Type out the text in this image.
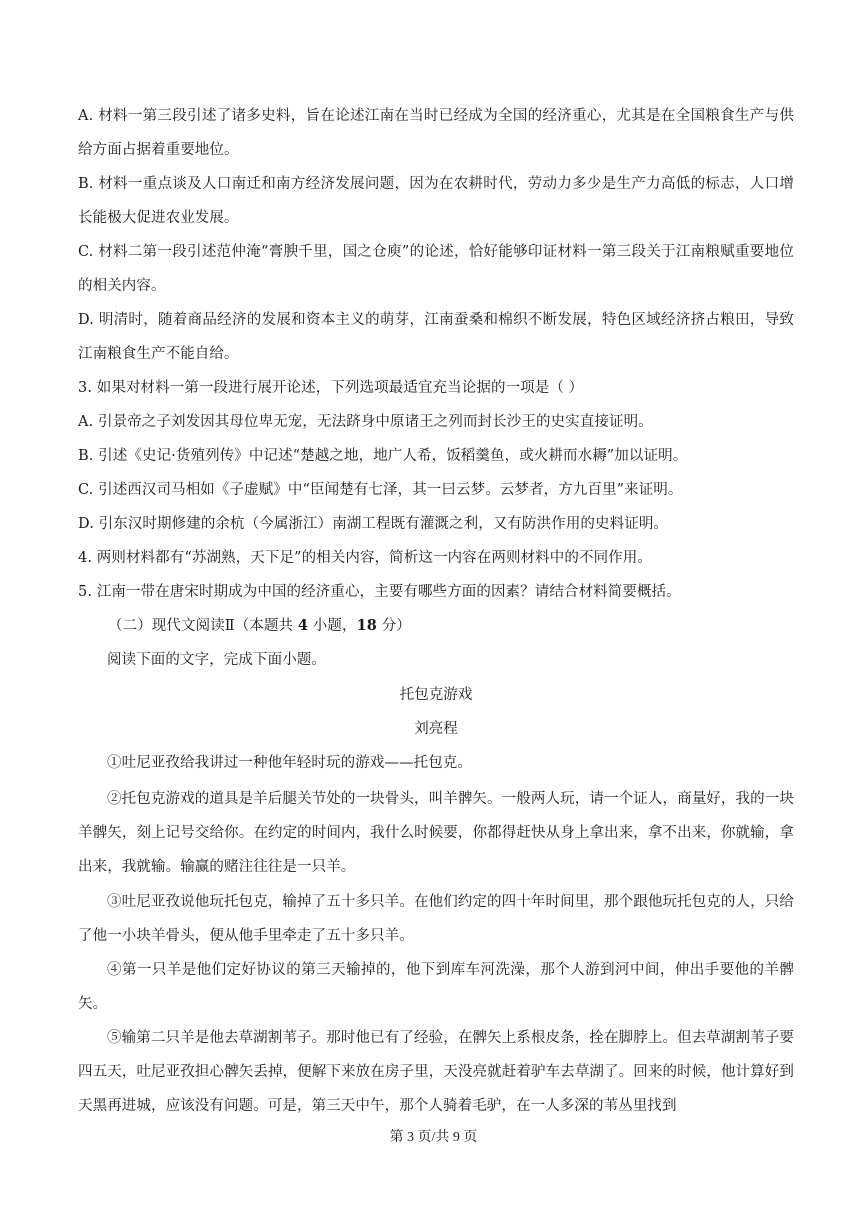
A. 材料一第三段引述了诸多史料，旨在论述江南在当时已经成为全国的经济重心，尤其是在全国粮食生产与供给方面占据着重要地位。
B. 材料一重点谈及人口南迁和南方经济发展问题，因为在农耕时代，劳动力多少是生产力高低的标志，人口增长能极大促进农业发展。
C. 材料二第一段引述范仲淹“膏腴千里，国之仓庾”的论述，恰好能够印证材料一第三段关于江南粮赋重要地位的相关内容。
D. 明清时，随着商品经济的发展和资本主义的萌芽，江南蚕桑和棉织不断发展，特色区域经济挤占粮田，导致江南粮食生产不能自给。
3. 如果对材料一第一段进行展开论述，下列选项最适宜充当论据的一项是（ ）
A. 引景帝之子刘发因其母位卑无宠，无法跻身中原诸王之列而封长沙王的史实直接证明。
B. 引述《史记·货殖列传》中记述“楚越之地，地广人希，饭稻羹鱼，或火耕而水耨”加以证明。
C. 引述西汉司马相如《子虚赋》中“臣闻楚有七泽，其一曰云梦。云梦者，方九百里”来证明。
D. 引东汉时期修建的余杭（今属浙江）南湖工程既有灌溉之利，又有防洪作用的史料证明。
4. 两则材料都有“苏湖熟，天下足”的相关内容，简析这一内容在两则材料中的不同作用。
5. 江南一带在唐宋时期成为中国的经济重心，主要有哪些方面的因素？请结合材料简要概括。
（二）现代文阅读Ⅱ（本题共 4 小题，18 分）
阅读下面的文字，完成下面小题。
托包克游戏
刘亮程
①吐尼亚孜给我讲过一种他年轻时玩的游戏——托包克。
②托包克游戏的道具是羊后腿关节处的一块骨头，叫羊髀矢。一般两人玩，请一个证人，商量好，我的一块羊髀矢，刻上记号交给你。在约定的时间内，我什么时候要，你都得赶快从身上拿出来，拿不出来，你就输，拿出来，我就输。输赢的赌注往往是一只羊。
③吐尼亚孜说他玩托包克，输掉了五十多只羊。在他们约定的四十年时间里，那个跟他玩托包克的人，只给了他一小块羊骨头，便从他手里牵走了五十多只羊。
④第一只羊是他们定好协议的第三天输掉的，他下到库车河洗澡，那个人游到河中间，伸出手要他的羊髀矢。
⑤输第二只羊是他去草湖割苇子。那时他已有了经验，在髀矢上系根皮条，拴在脚脖上。但去草湖割苇子要四五天，吐尼亚孜担心髀矢丢掉，便解下来放在房子里，天没亮就赶着驴车去草湖了。回来的时候，他计算好到天黑再进城，应该没有问题。可是，第三天中午，那个人骑着毛驴，在一人多深的苇丛里找到
第 3 页/共 9 页
